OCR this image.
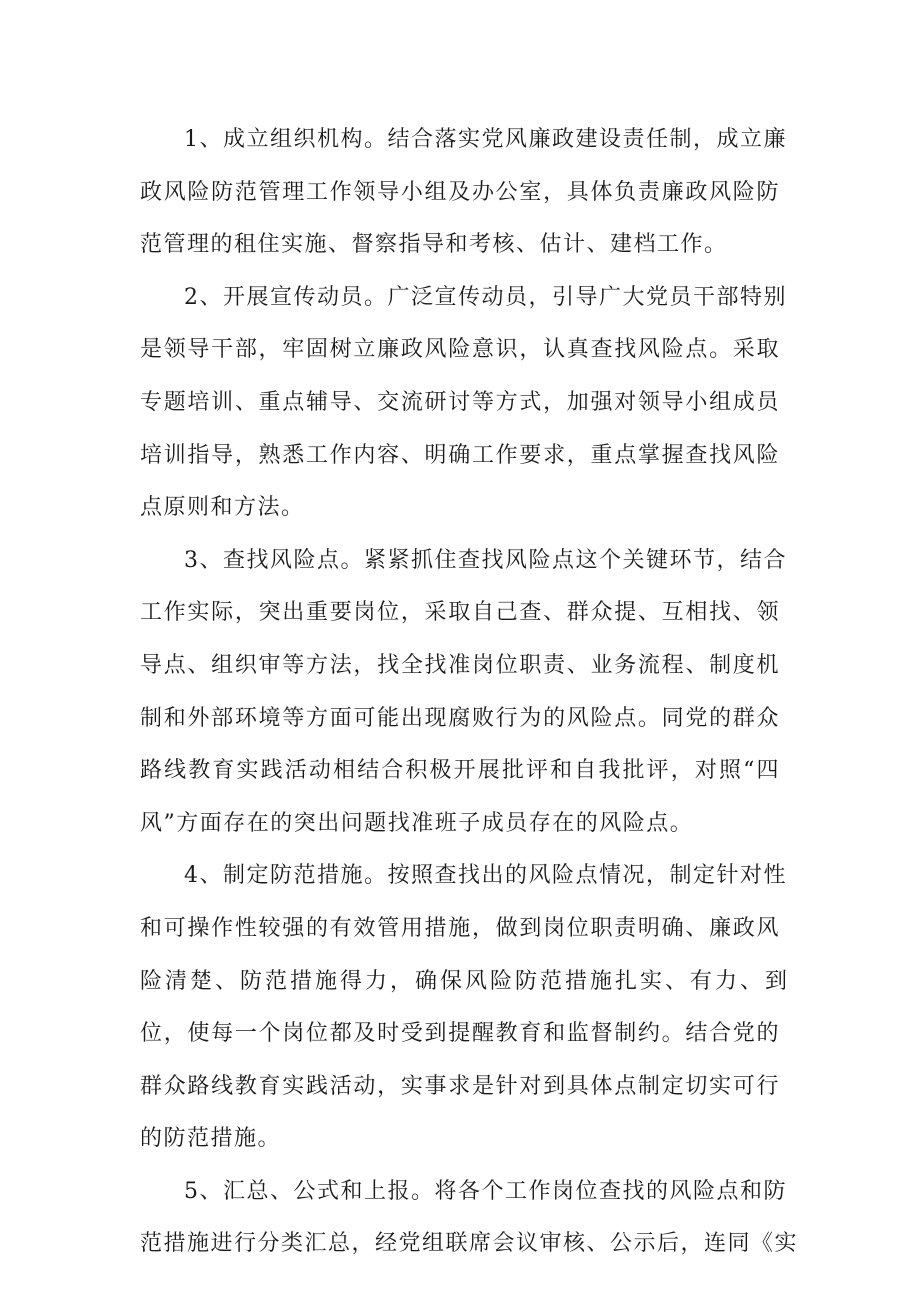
1、成立组织机构。结合落实党风廉政建设责任制，成立廉
政风险防范管理工作领导小组及办公室，具体负责廉政风险防
范管理的租住实施、督察指导和考核、估计、建档工作。
2、开展宣传动员。广泛宣传动员，引导广大党员干部特别
是领导干部，牢固树立廉政风险意识，认真查找风险点。采取
专题培训、重点辅导、交流研讨等方式，加强对领导小组成员
培训指导，熟悉工作内容、明确工作要求，重点掌握查找风险
点原则和方法。
3、查找风险点。紧紧抓住查找风险点这个关键环节，结合
工作实际，突出重要岗位，采取自己查、群众提、互相找、领
导点、组织审等方法，找全找准岗位职责、业务流程、制度机
制和外部环境等方面可能出现腐败行为的风险点。同党的群众
路线教育实践活动相结合积极开展批评和自我批评，对照“四
风”方面存在的突出问题找准班子成员存在的风险点。
4、制定防范措施。按照查找出的风险点情况，制定针对性
和可操作性较强的有效管用措施，做到岗位职责明确、廉政风
险清楚、防范措施得力，确保风险防范措施扎实、有力、到
位，使每一个岗位都及时受到提醒教育和监督制约。结合党的
群众路线教育实践活动，实事求是针对到具体点制定切实可行
的防范措施。
5、汇总、公式和上报。将各个工作岗位查找的风险点和防
范措施进行分类汇总，经党组联席会议审核、公示后，连同《实
